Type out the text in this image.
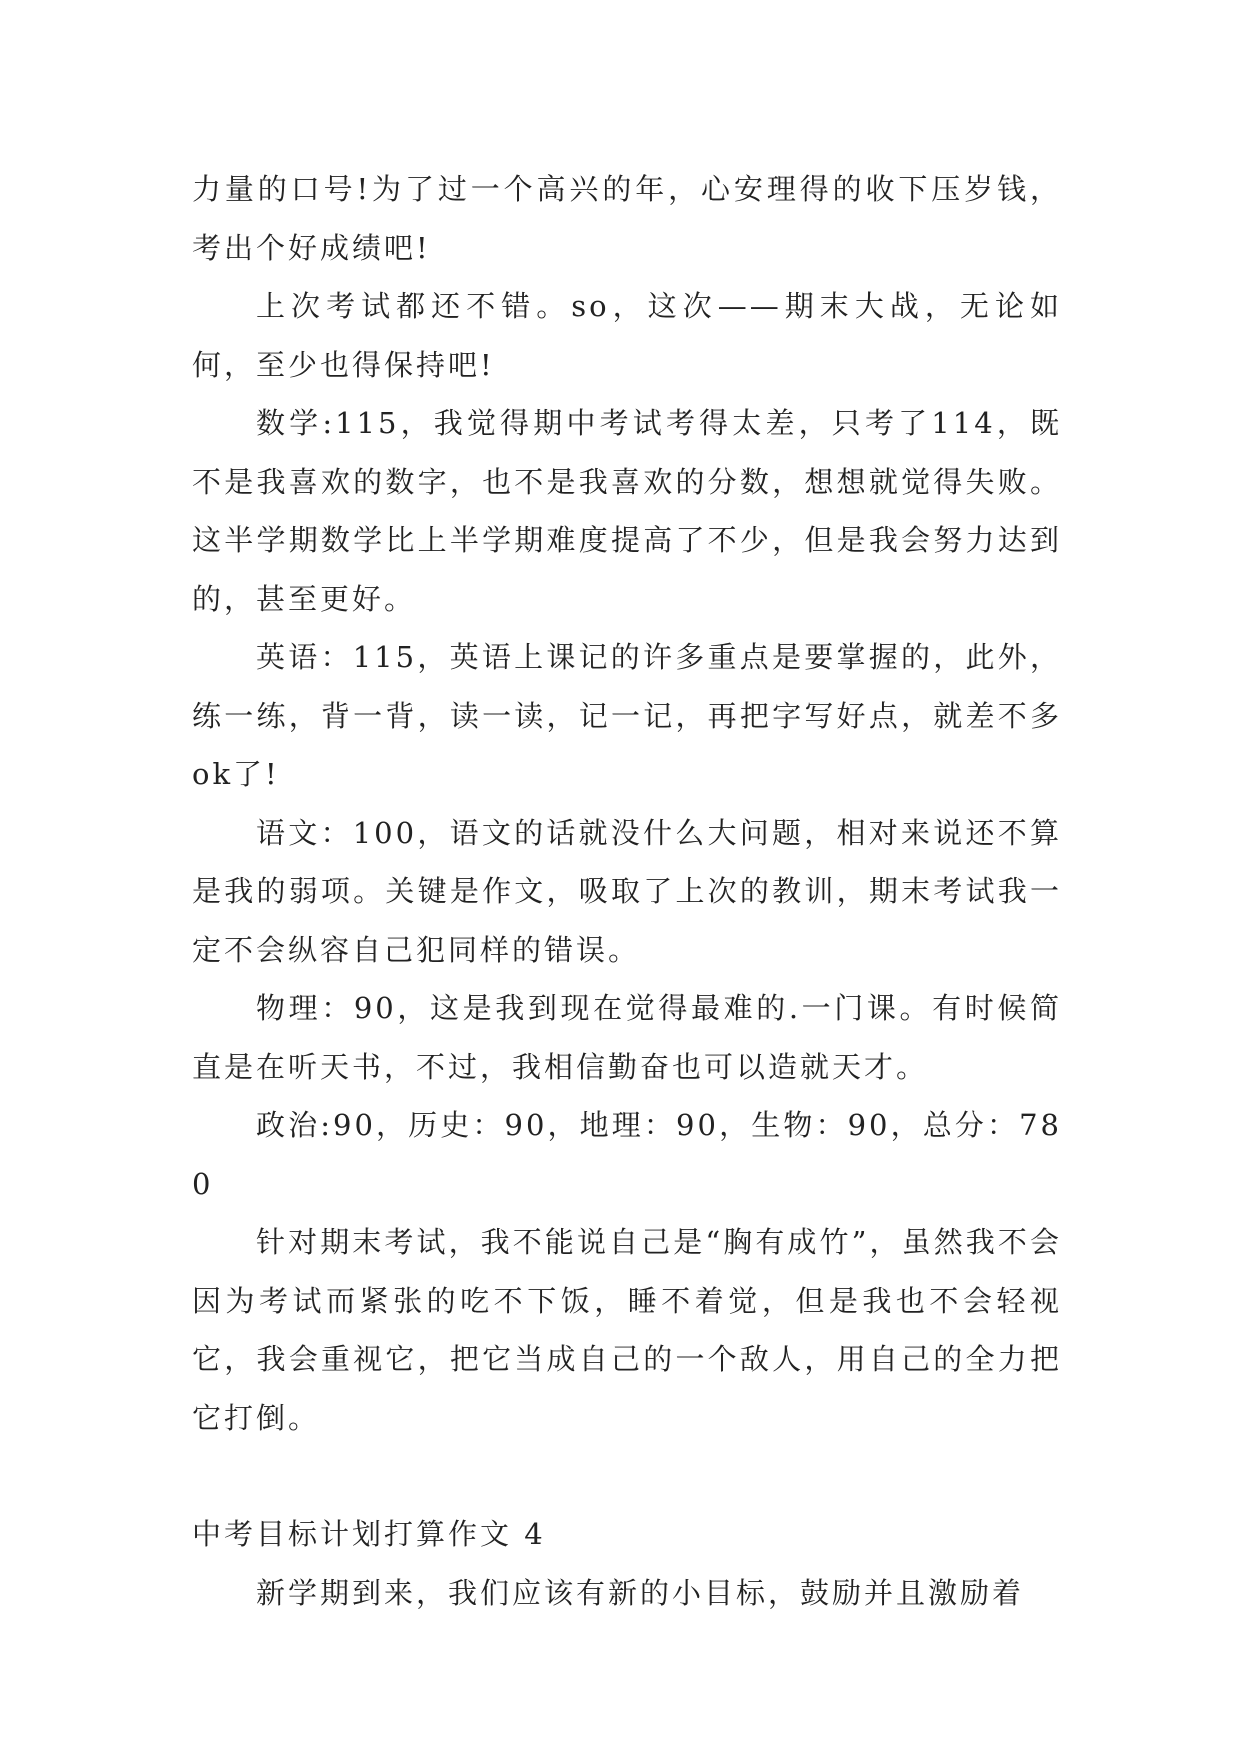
力量的口号!为了过一个高兴的年，心安理得的收下压岁钱，考出个好成绩吧!

上次考试都还不错。so，这次——期末大战，无论如何，至少也得保持吧!

数学:115，我觉得期中考试考得太差，只考了114，既不是我喜欢的数字，也不是我喜欢的分数，想想就觉得失败。这半学期数学比上半学期难度提高了不少，但是我会努力达到的，甚至更好。

英语：115，英语上课记的许多重点是要掌握的，此外，练一练，背一背，读一读，记一记，再把字写好点，就差不多ok了!

语文：100，语文的话就没什么大问题，相对来说还不算是我的弱项。关键是作文，吸取了上次的教训，期末考试我一定不会纵容自己犯同样的错误。

物理：90，这是我到现在觉得最难的.一门课。有时候简直是在听天书，不过，我相信勤奋也可以造就天才。

政治:90，历史：90，地理：90，生物：90，总分：780

针对期末考试，我不能说自己是“胸有成竹”，虽然我不会因为考试而紧张的吃不下饭，睡不着觉，但是我也不会轻视它，我会重视它，把它当成自己的一个敌人，用自己的全力把它打倒。

中考目标计划打算作文 4

新学期到来，我们应该有新的小目标，鼓励并且激励着
